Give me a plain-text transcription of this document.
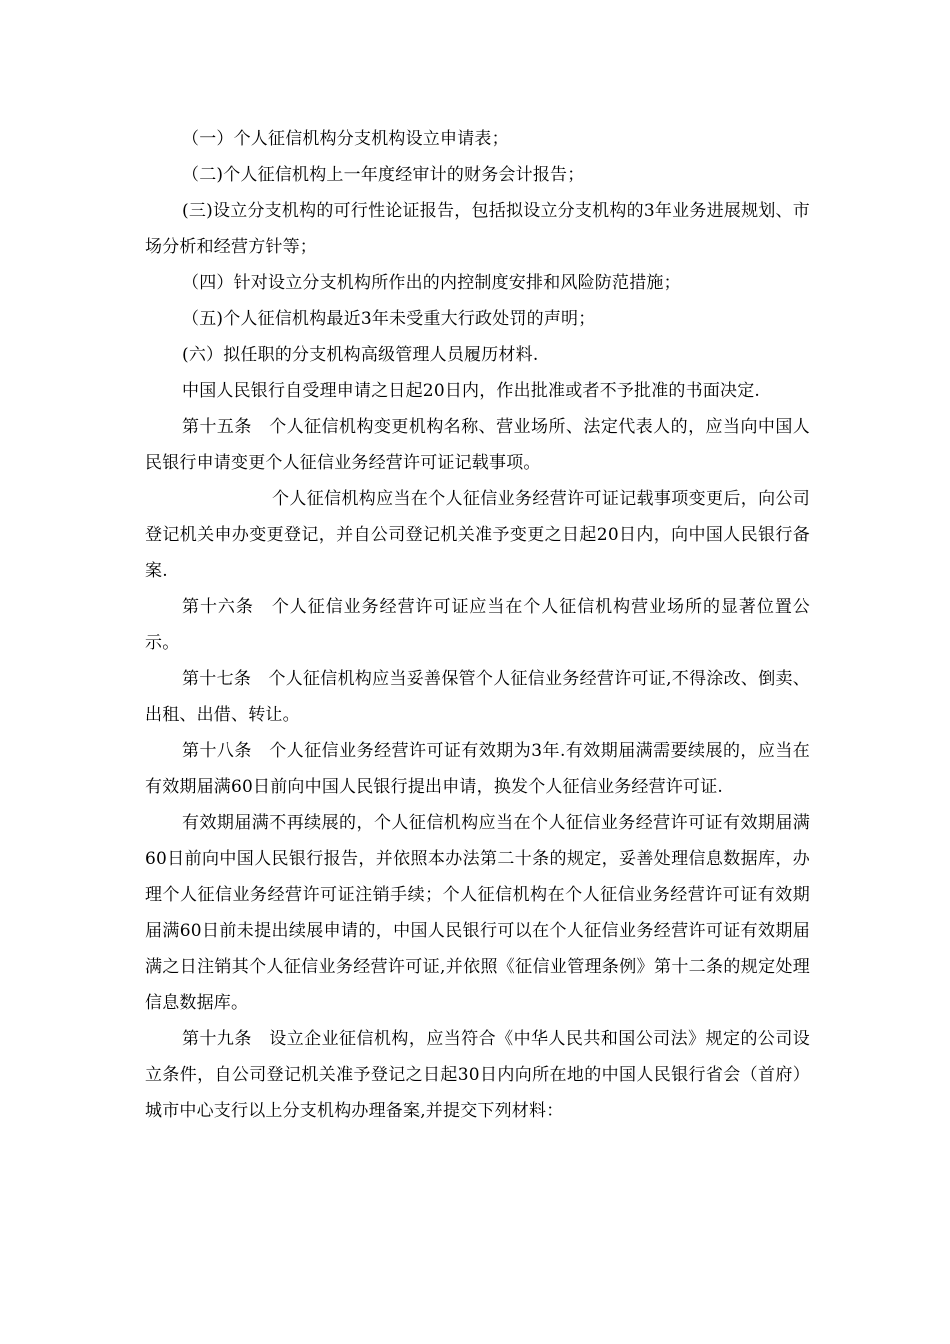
（一）个人征信机构分支机构设立申请表；

（二)个人征信机构上一年度经审计的财务会计报告；

(三)设立分支机构的可行性论证报告，包括拟设立分支机构的3年业务进展规划、市场分析和经营方针等；

（四）针对设立分支机构所作出的内控制度安排和风险防范措施；

（五)个人征信机构最近3年未受重大行政处罚的声明；

(六）拟任职的分支机构高级管理人员履历材料.

中国人民银行自受理申请之日起20日内，作出批准或者不予批准的书面决定.

第十五条　个人征信机构变更机构名称、营业场所、法定代表人的，应当向中国人民银行申请变更个人征信业务经营许可证记载事项。

个人征信机构应当在个人征信业务经营许可证记载事项变更后，向公司登记机关申办变更登记，并自公司登记机关准予变更之日起20日内，向中国人民银行备案.

第十六条　个人征信业务经营许可证应当在个人征信机构营业场所的显著位置公示。

第十七条　个人征信机构应当妥善保管个人征信业务经营许可证,不得涂改、倒卖、出租、出借、转让。

第十八条　个人征信业务经营许可证有效期为3年.有效期届满需要续展的，应当在有效期届满60日前向中国人民银行提出申请，换发个人征信业务经营许可证.

有效期届满不再续展的，个人征信机构应当在个人征信业务经营许可证有效期届满60日前向中国人民银行报告，并依照本办法第二十条的规定，妥善处理信息数据库，办理个人征信业务经营许可证注销手续；个人征信机构在个人征信业务经营许可证有效期届满60日前未提出续展申请的，中国人民银行可以在个人征信业务经营许可证有效期届满之日注销其个人征信业务经营许可证,并依照《征信业管理条例》第十二条的规定处理信息数据库。

第十九条　设立企业征信机构，应当符合《中华人民共和国公司法》规定的公司设立条件，自公司登记机关准予登记之日起30日内向所在地的中国人民银行省会（首府）城市中心支行以上分支机构办理备案,并提交下列材料：
